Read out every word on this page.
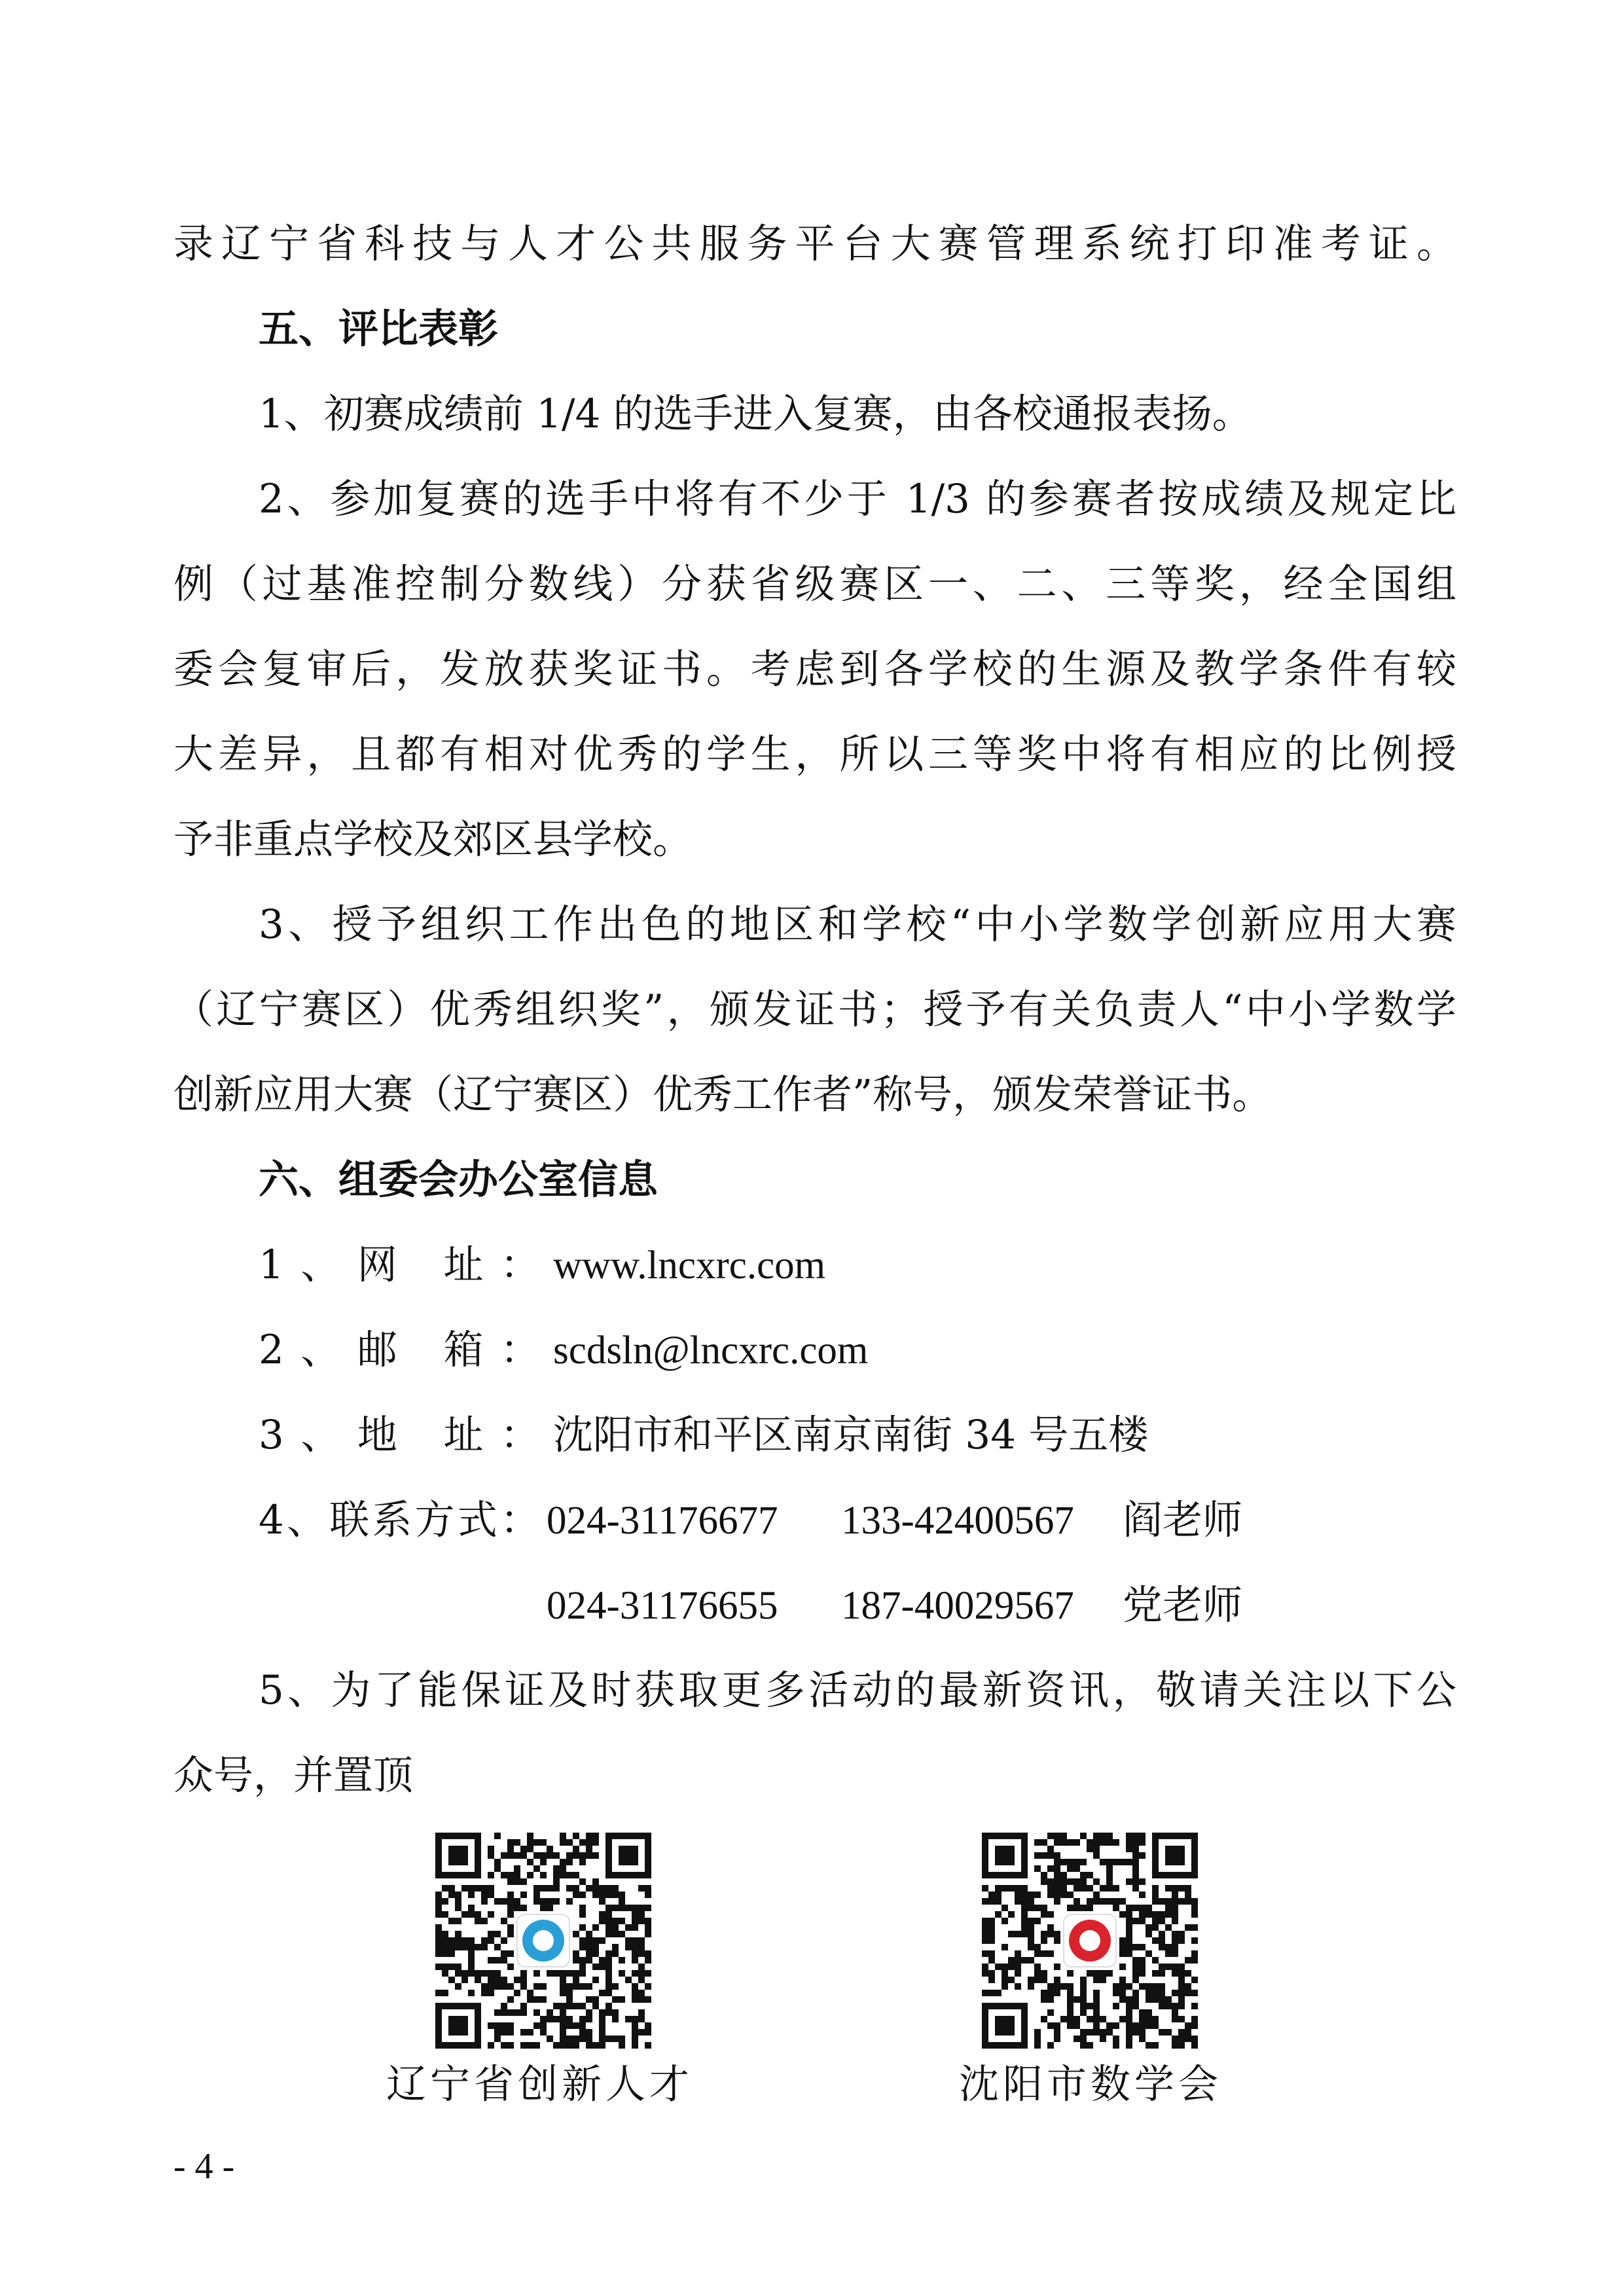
录辽宁省科技与人才公共服务平台大赛管理系统打印准考证。
五、评比表彰
1、初赛成绩前 1/4 的选手进入复赛，由各校通报表扬。
2、参加复赛的选手中将有不少于 1/3 的参赛者按成绩及规定比
例（过基准控制分数线）分获省级赛区一、二、三等奖，经全国组
委会复审后，发放获奖证书。考虑到各学校的生源及教学条件有较
大差异，且都有相对优秀的学生，所以三等奖中将有相应的比例授
予非重点学校及郊区县学校。
3、授予组织工作出色的地区和学校“中小学数学创新应用大赛
（辽宁赛区）优秀组织奖”，颁发证书；授予有关负责人“中小学数学
创新应用大赛（辽宁赛区）优秀工作者”称号，颁发荣誉证书。
六、组委会办公室信息
1、网 址： www.lncxrc.com
2、邮 箱： scdsln@lncxrc.com
3、地 址： 沈阳市和平区南京南街 34 号五楼
4、联系方式： 024-31176677 133-42400567 阎老师
024-31176655 187-40029567 党老师
5、为了能保证及时获取更多活动的最新资讯，敬请关注以下公
众号，并置顶
辽宁省创新人才	沈阳市数学会
- 4 -
